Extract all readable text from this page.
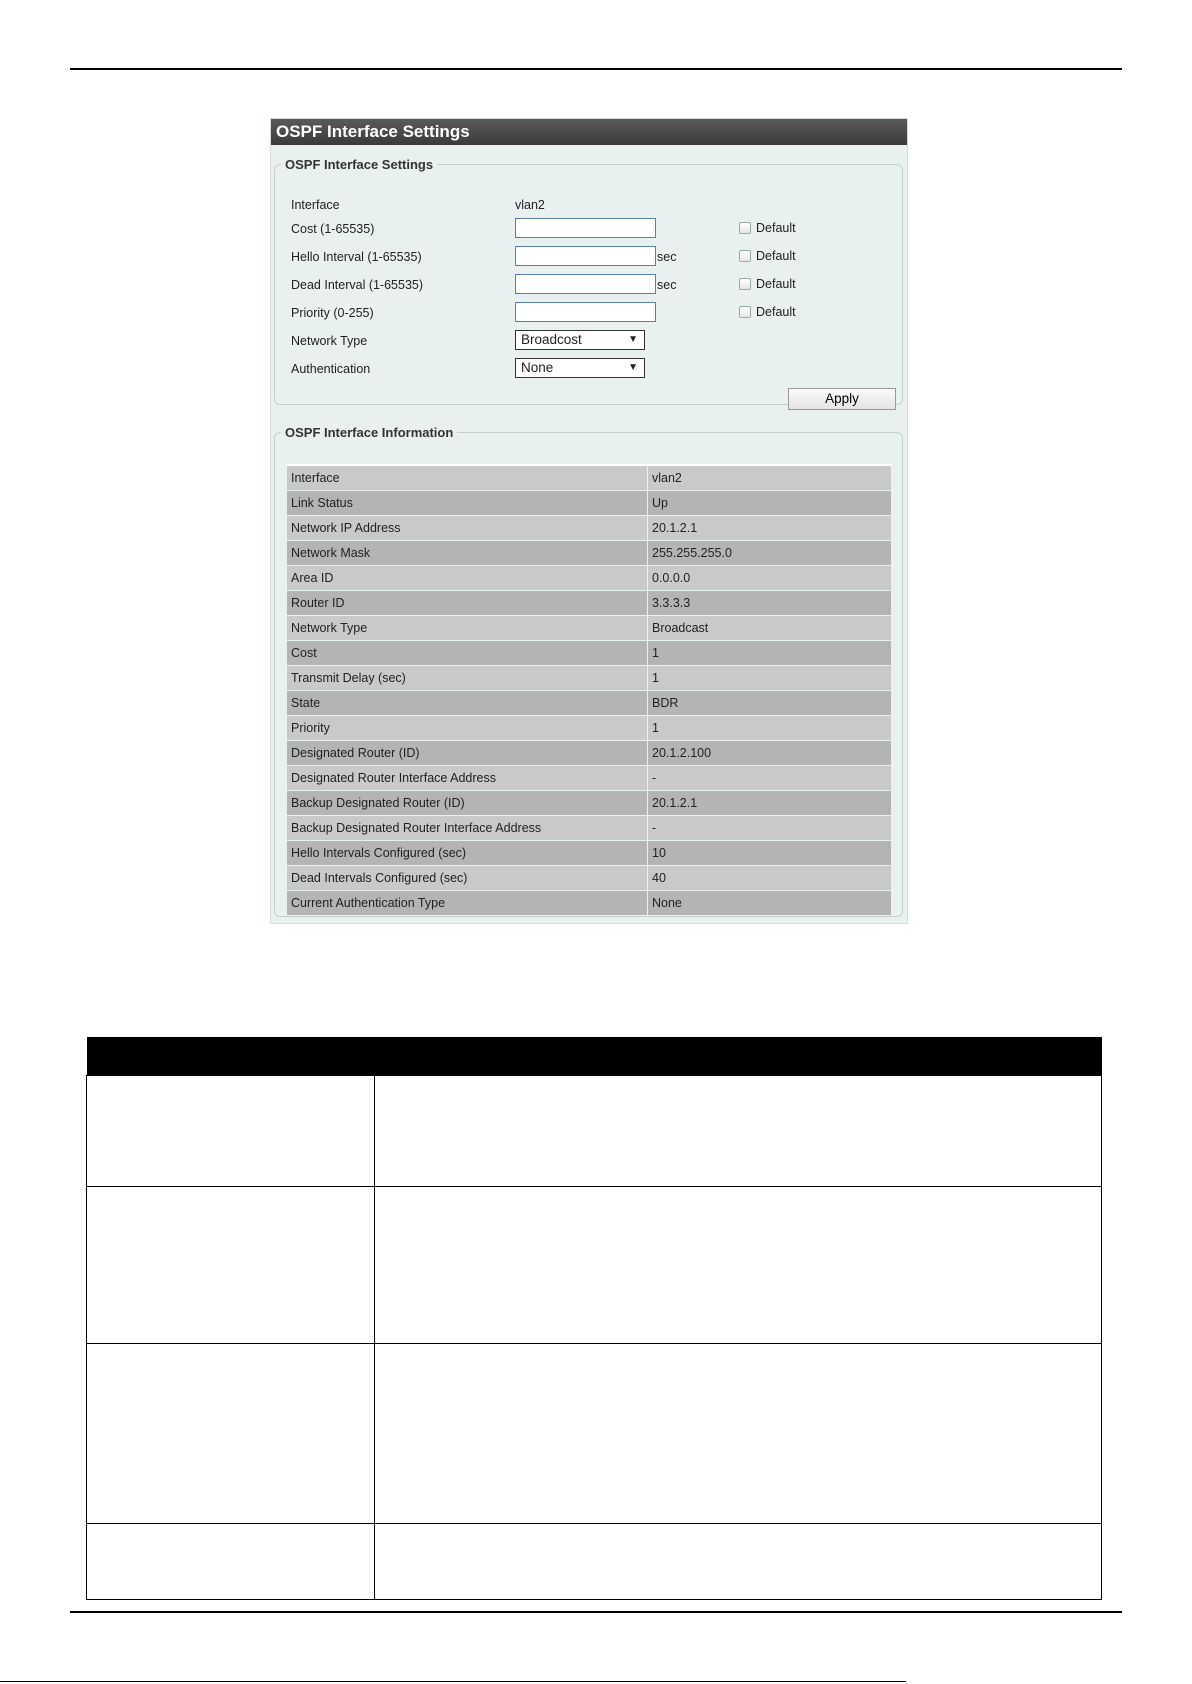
OSPF Interface Settings
OSPF Interface Settings
Interface	vlan2
Cost (1-65535)	Default
Hello Interval (1-65535)	sec	Default
Dead Interval (1-65535)	sec	Default
Priority (0-255)	Default
Network Type	Broadcost	▼
Authentication	None	▼
Apply
OSPF Interface Information
Interface	vlan2
Link Status	Up
Network IP Address	20.1.2.1
Network Mask	255.255.255.0
Area ID	0.0.0.0
Router ID	3.3.3.3
Network Type	Broadcast
Cost	1
Transmit Delay (sec)	1
State	BDR
Priority	1
Designated Router (ID)	20.1.2.100
Designated Router Interface Address	-
Backup Designated Router (ID)	20.1.2.1
Backup Designated Router Interface Address	-
Hello Intervals Configured (sec)	10
Dead Intervals Configured (sec)	40
Current Authentication Type	None
